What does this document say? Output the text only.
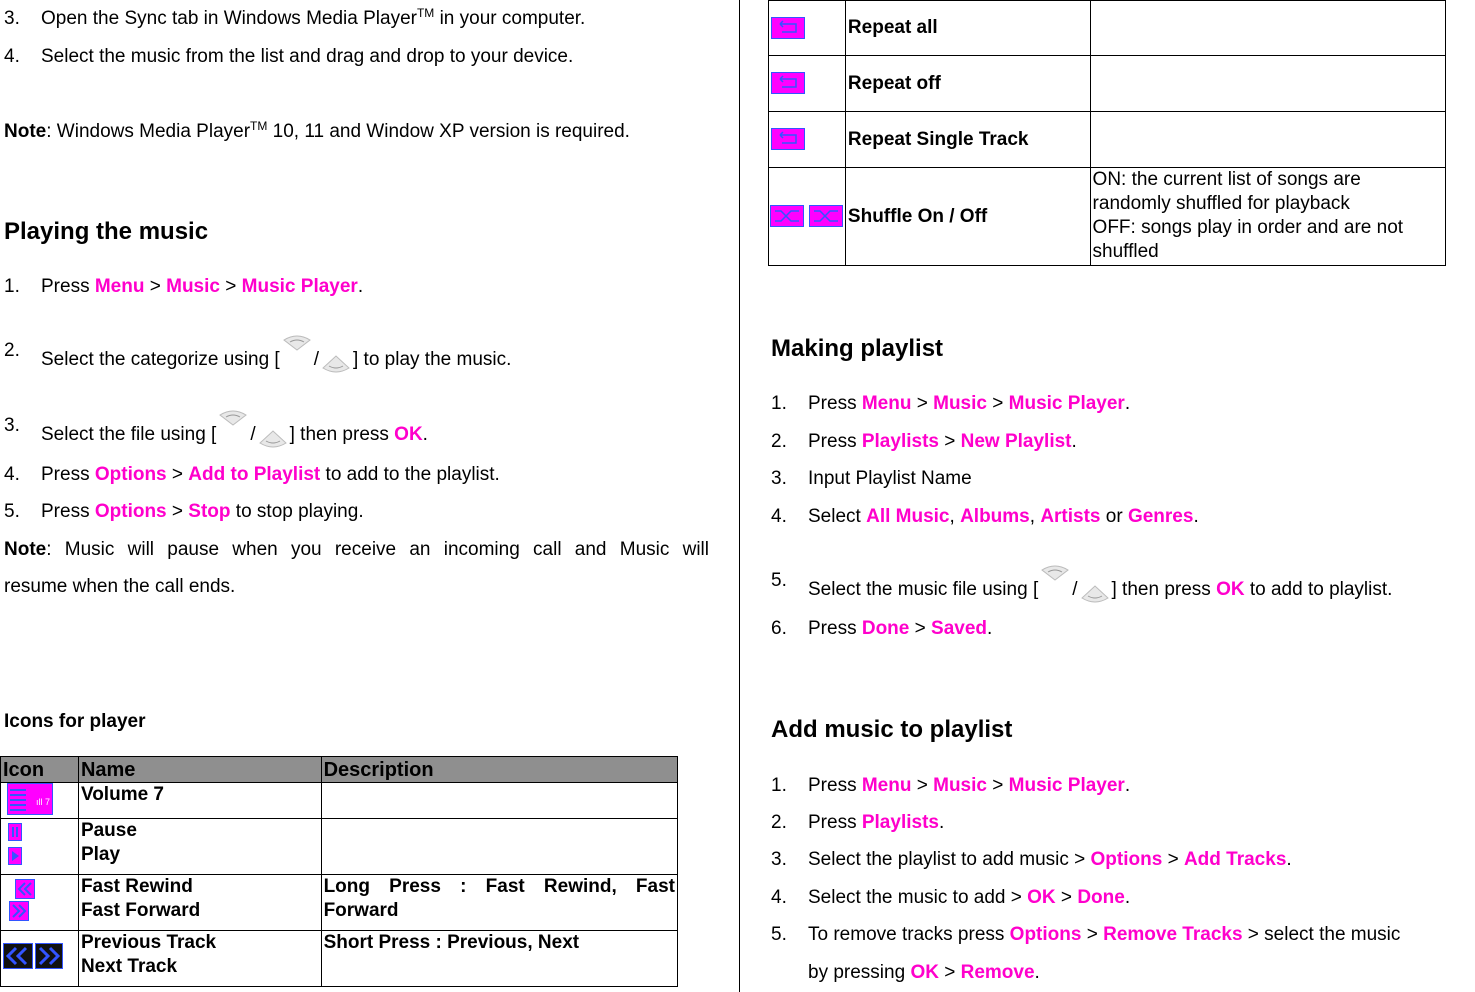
3.	Open the Sync tab in Windows Media Player™ in your computer.
4.	Select the music from the list and drag and drop to your device.
Note: Windows Media Player™ 10, 11 and Window XP version is required.
Playing the music
1.	Press Menu > Music > Music Player.
2.	Select the categorize using [ / ] to play the music.
3.	Select the file using [ / ] then press OK.
4.	Press Options > Add to Playlist to add to the playlist.
5.	Press Options > Stop to stop playing.
Note: Music will pause when you receive an incoming call and Music will
resume when the call ends.
Icons for player
Icon	Name	Description

ıll 7	Volume 7	

Pause
Play	

Fast Rewind
Fast Forward	Long Press : Fast Rewind, Fast Forward

Previous Track
Next Track	Short Press : Previous, Next
	Repeat all	

	Repeat off	

	Repeat Single Track	

	Shuffle On / Off	ON: the current list of songs are
randomly shuffled for playback
OFF: songs play in order and are not
shuffled
Making playlist
1.	Press Menu > Music > Music Player.
2.	Press Playlists > New Playlist.
3.	Input Playlist Name
4.	Select All Music, Albums, Artists or Genres.
5.	Select the music file using [ / ] then press OK to add to playlist.
6.	Press Done > Saved.
Add music to playlist
1.	Press Menu > Music > Music Player.
2.	Press Playlists.
3.	Select the playlist to add music > Options > Add Tracks.
4.	Select the music to add > OK > Done.
5.	To remove tracks press Options > Remove Tracks > select the music
by pressing OK > Remove.
